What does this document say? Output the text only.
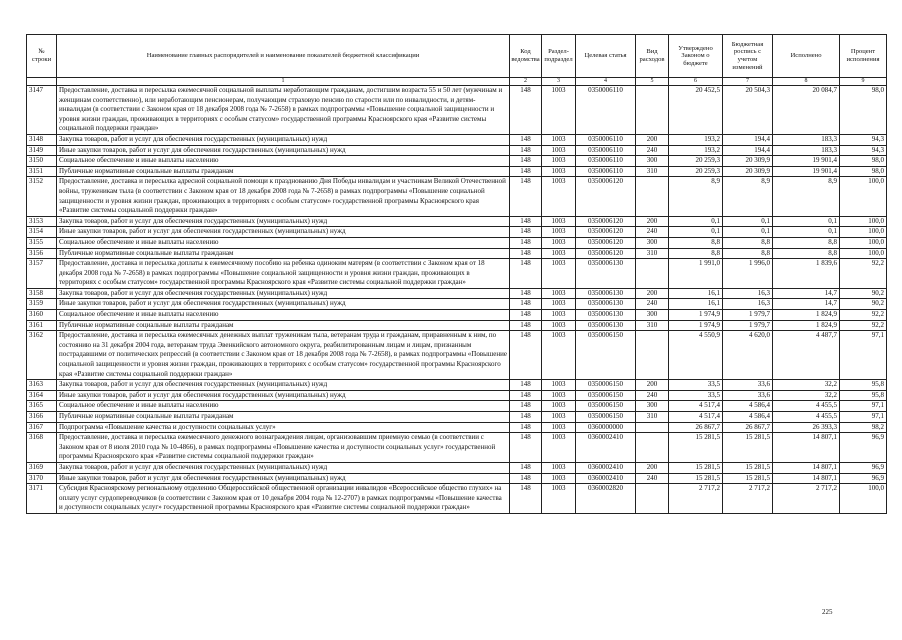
№ строки	Наименование главных распорядителей и наименование показателей бюджетной классификации	Код ведомства	Раздел-подраздел	Целевая статья	Вид расходов	Утверждено Законом о бюджете	Бюджетная роспись с учетом изменений	Исполнено	Процент исполнения
	1	2	3	4	5	6	7	8	9
3147	Предоставление, доставка и пересылка ежемесячной социальной выплаты неработающим гражданам, достигшим возраста 55 и 50 лет (мужчинам и женщинам соответственно), или неработающим пенсионерам, получающим страховую пенсию по старости или по инвалидности, и детям-инвалидам (в соответствии с Законом края от 18 декабря 2008 года № 7-2658) в рамках подпрограммы «Повышение социальной защищенности и уровня жизни граждан, проживающих в территориях с особым статусом» государственной программы Красноярского края «Развитие системы социальной поддержки граждан»	148	1003	0350006110		20 452,5	20 504,3	20 084,7	98,0
3148	Закупка товаров, работ и услуг для обеспечения государственных (муниципальных) нужд	148	1003	0350006110	200	193,2	194,4	183,3	94,3
3149	Иные закупки товаров, работ и услуг для обеспечения государственных (муниципальных) нужд	148	1003	0350006110	240	193,2	194,4	183,3	94,3
3150	Социальное обеспечение и иные выплаты населению	148	1003	0350006110	300	20 259,3	20 309,9	19 901,4	98,0
3151	Публичные нормативные социальные выплаты гражданам	148	1003	0350006110	310	20 259,3	20 309,9	19 901,4	98,0
3152	Предоставление, доставка и пересылка адресной социальной помощи к празднованию Дня Победы инвалидам и участникам Великой Отечественной войны, труженикам тыла (в соответствии с Законом края от 18 декабря 2008 года № 7-2658) в рамках подпрограммы «Повышение социальной защищенности и уровня жизни граждан, проживающих в территориях с особым статусом» государственной программы Красноярского края «Развитие системы социальной поддержки граждан»	148	1003	0350006120		8,9	8,9	8,9	100,0
3153	Закупка товаров, работ и услуг для обеспечения государственных (муниципальных) нужд	148	1003	0350006120	200	0,1	0,1	0,1	100,0
3154	Иные закупки товаров, работ и услуг для обеспечения государственных (муниципальных) нужд	148	1003	0350006120	240	0,1	0,1	0,1	100,0
3155	Социальное обеспечение и иные выплаты населению	148	1003	0350006120	300	8,8	8,8	8,8	100,0
3156	Публичные нормативные социальные выплаты гражданам	148	1003	0350006120	310	8,8	8,8	8,8	100,0
3157	Предоставление, доставка и пересылка доплаты к ежемесячному пособию на ребенка одиноким матерям (в соответствии с Законом края от 18 декабря 2008 года № 7-2658) в рамках подпрограммы «Повышение социальной защищенности и уровня жизни граждан, проживающих в территориях с особым статусом» государственной программы Красноярского края «Развитие системы социальной поддержки граждан»	148	1003	0350006130		1 991,0	1 996,0	1 839,6	92,2
3158	Закупка товаров, работ и услуг для обеспечения государственных (муниципальных) нужд	148	1003	0350006130	200	16,1	16,3	14,7	90,2
3159	Иные закупки товаров, работ и услуг для обеспечения государственных (муниципальных) нужд	148	1003	0350006130	240	16,1	16,3	14,7	90,2
3160	Социальное обеспечение и иные выплаты населению	148	1003	0350006130	300	1 974,9	1 979,7	1 824,9	92,2
3161	Публичные нормативные социальные выплаты гражданам	148	1003	0350006130	310	1 974,9	1 979,7	1 824,9	92,2
3162	Предоставление, доставка и пересылка ежемесячных денежных выплат труженикам тыла, ветеранам труда и гражданам, приравненным к ним, по состоянию на 31 декабря 2004 года, ветеранам труда Эвенкийского автономного округа, реабилитированным лицам и лицам, признанным пострадавшими от политических репрессий (в соответствии с Законом края от 18 декабря 2008 года № 7-2658), в рамках подпрограммы «Повышение социальной защищенности и уровня жизни граждан, проживающих в территориях с особым статусом» государственной программы Красноярского края «Развитие системы социальной поддержки граждан»	148	1003	0350006150		4 550,9	4 620,0	4 487,7	97,1
3163	Закупка товаров, работ и услуг для обеспечения государственных (муниципальных) нужд	148	1003	0350006150	200	33,5	33,6	32,2	95,8
3164	Иные закупки товаров, работ и услуг для обеспечения государственных (муниципальных) нужд	148	1003	0350006150	240	33,5	33,6	32,2	95,8
3165	Социальное обеспечение и иные выплаты населению	148	1003	0350006150	300	4 517,4	4 586,4	4 455,5	97,1
3166	Публичные нормативные социальные выплаты гражданам	148	1003	0350006150	310	4 517,4	4 586,4	4 455,5	97,1
3167	Подпрограмма «Повышение качества и доступности социальных услуг»	148	1003	0360000000		26 867,7	26 867,7	26 393,3	98,2
3168	Предоставление, доставка и пересылка ежемесячного денежного вознаграждения лицам, организовавшим приемную семью (в соответствии с Законом края от 8 июля 2010 года № 10-4866), в рамках подпрограммы «Повышение качества и доступности социальных услуг» государственной программы Красноярского края «Развитие системы социальной поддержки граждан»	148	1003	0360002410		15 281,5	15 281,5	14 807,1	96,9
3169	Закупка товаров, работ и услуг для обеспечения государственных (муниципальных) нужд	148	1003	0360002410	200	15 281,5	15 281,5	14 807,1	96,9
3170	Иные закупки товаров, работ и услуг для обеспечения государственных (муниципальных) нужд	148	1003	0360002410	240	15 281,5	15 281,5	14 807,1	96,9
3171	Субсидия Красноярскому региональному отделению Общероссийской общественной организации инвалидов «Всероссийское общество глухих» на оплату услуг сурдопереводчиков (в соответствии с Законом края от 10 декабря 2004 года № 12-2707) в рамках подпрограммы «Повышение качества и доступности социальных услуг» государственной программы Красноярского края «Развитие системы социальной поддержки граждан»	148	1003	0360002820		2 717,2	2 717,2	2 717,2	100,0
225
